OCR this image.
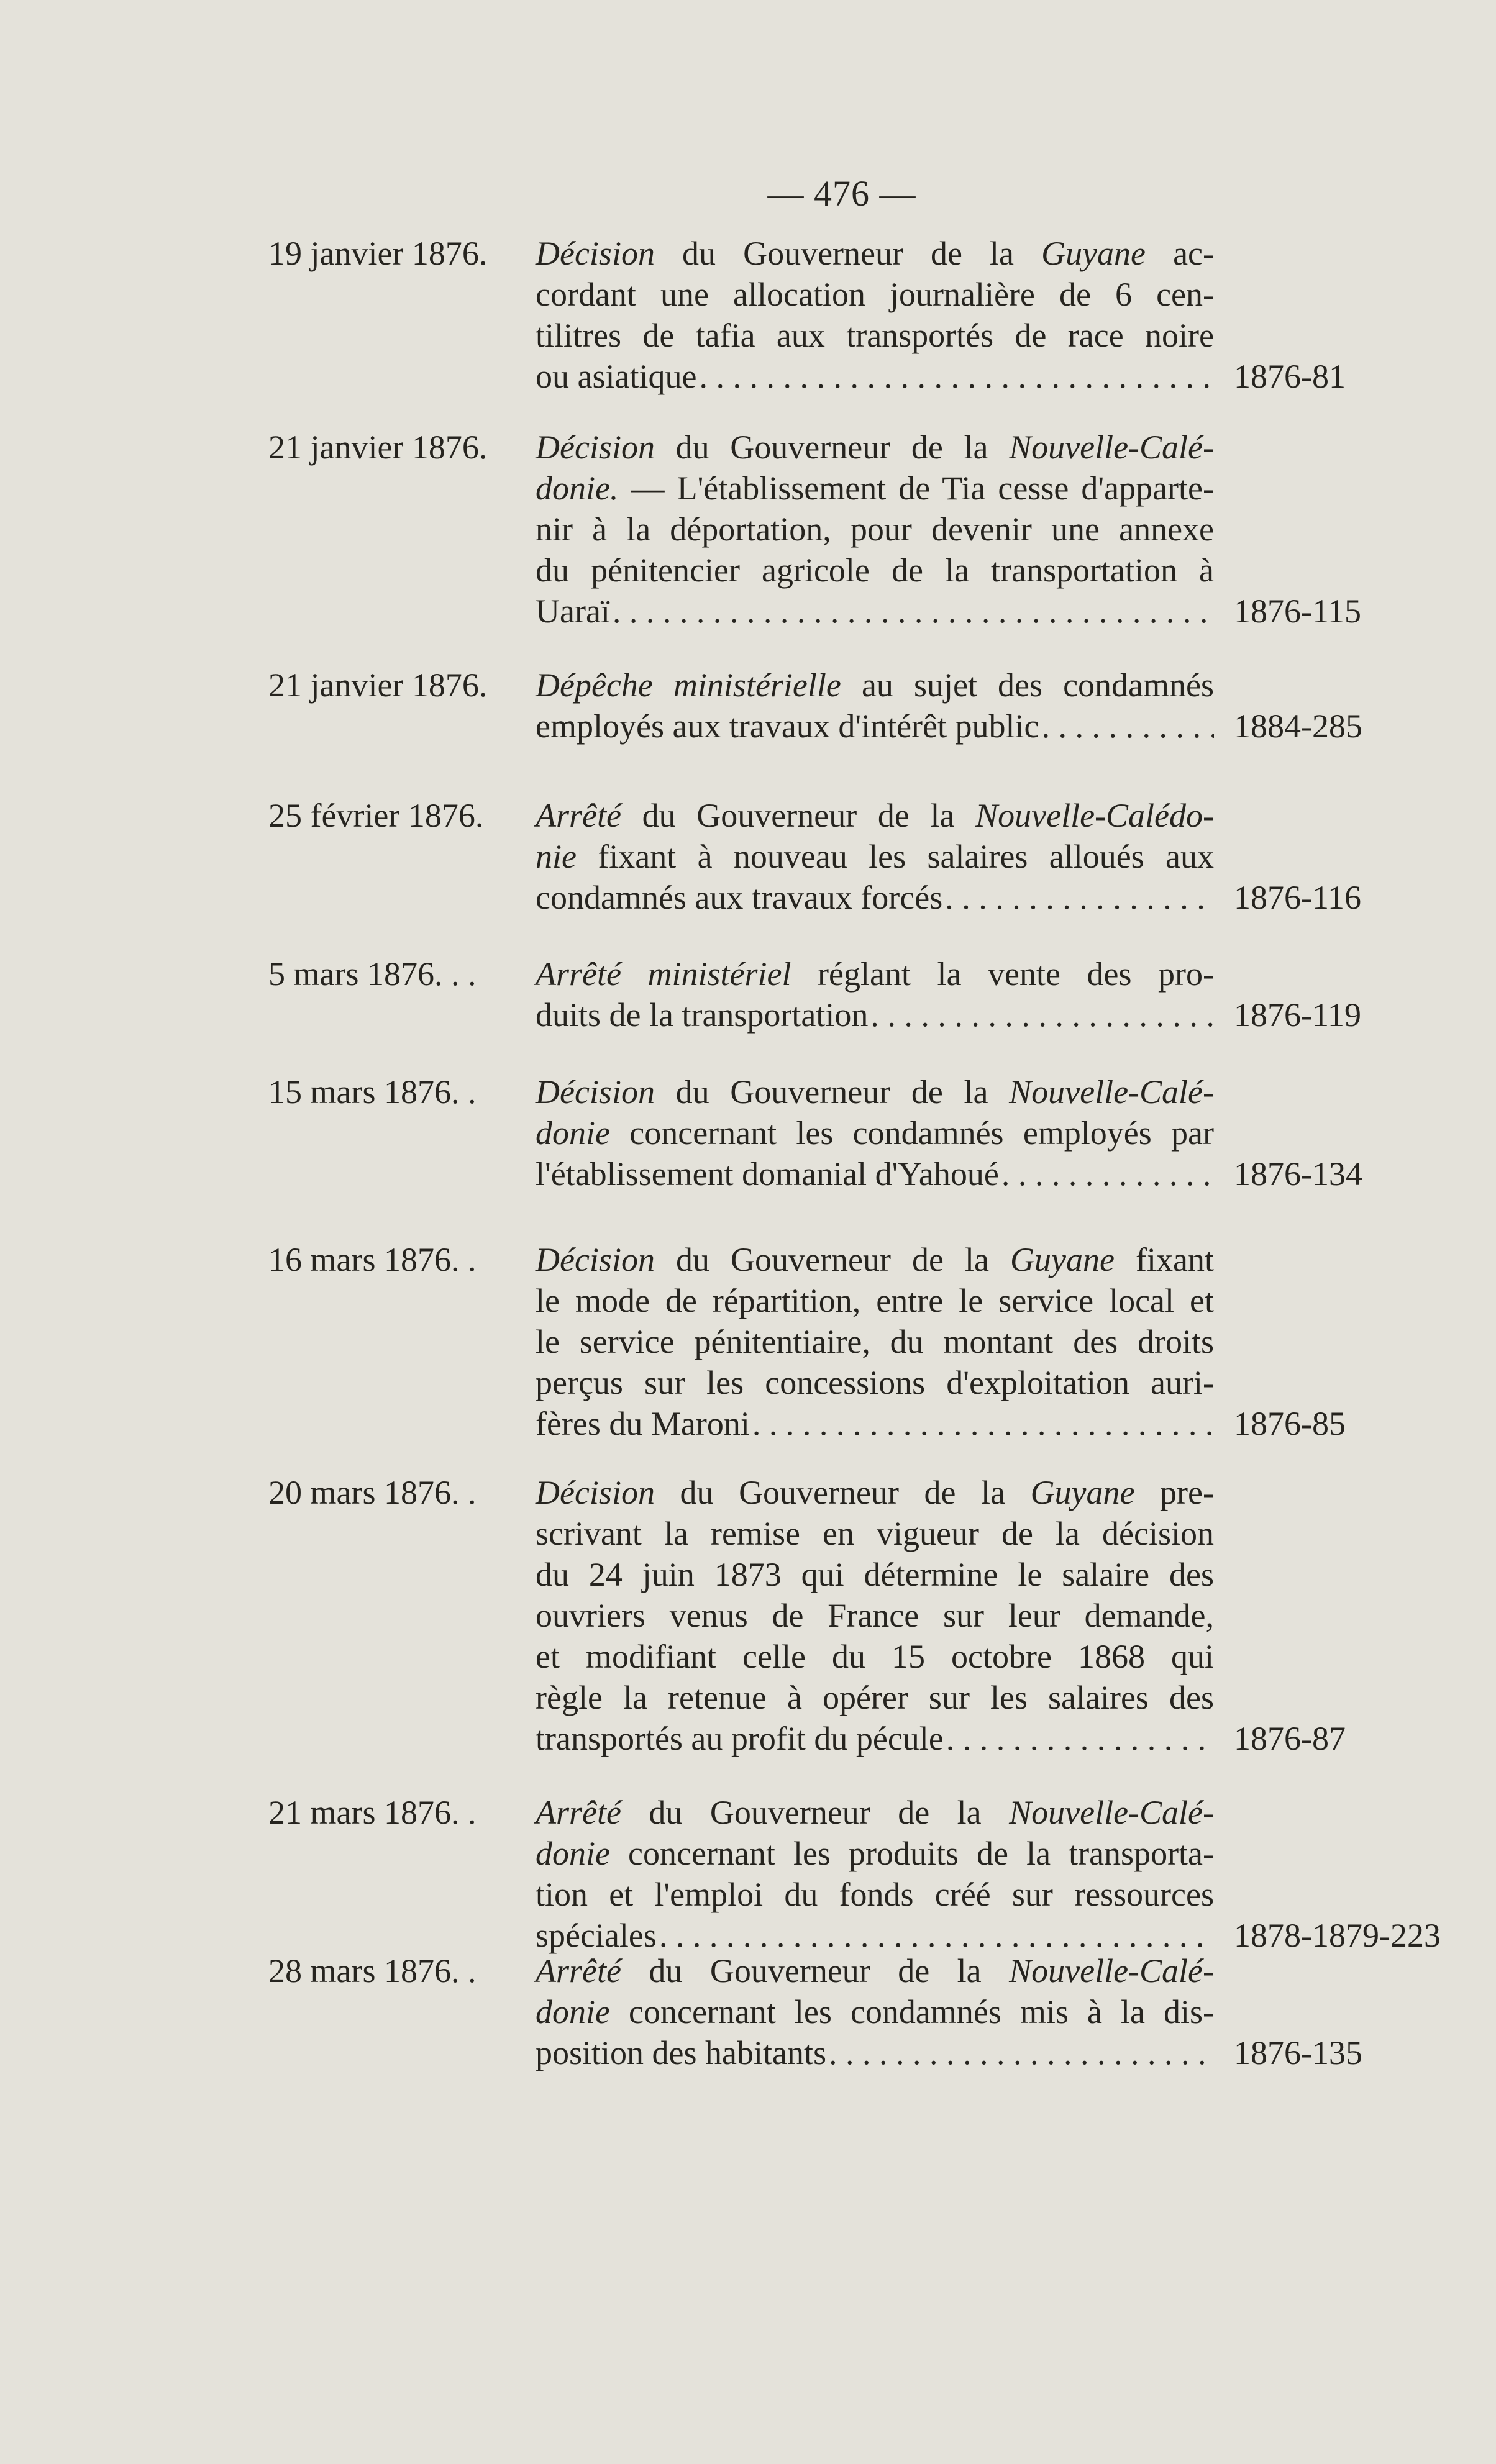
— 476 —
19 janvier 1876.	Décision du Gouverneur de la Guyane ac-
cordant une allocation journalière de 6 cen-
tilitres de tafia aux transportés de race noire
ou asiatique . . .	1876-81
21 janvier 1876.	Décision du Gouverneur de la Nouvelle-Calé-
donie. — L'établissement de Tia cesse d'apparte-
nir à la déportation, pour devenir une annexe
du pénitencier agricole de la transportation à
Uaraï . . .	1876-115
21 janvier 1876.	Dépêche ministérielle au sujet des condamnés
employés aux travaux d'intérêt public . . .	1884-285
25 février 1876.	Arrêté du Gouverneur de la Nouvelle-Calédo-
nie fixant à nouveau les salaires alloués aux
condamnés aux travaux forcés . . .	1876-116
5 mars 1876. . .	Arrêté ministériel réglant la vente des pro-
duits de la transportation . . .	1876-119
15 mars 1876. .	Décision du Gouverneur de la Nouvelle-Calé-
donie concernant les condamnés employés par
l'établissement domanial d'Yahoué . . .	1876-134
16 mars 1876. .	Décision du Gouverneur de la Guyane fixant
le mode de répartition, entre le service local et
le service pénitentiaire, du montant des droits
perçus sur les concessions d'exploitation auri-
fères du Maroni . . .	1876-85
20 mars 1876. .	Décision du Gouverneur de la Guyane pre-
scrivant la remise en vigueur de la décision
du 24 juin 1873 qui détermine le salaire des
ouvriers venus de France sur leur demande,
et modifiant celle du 15 octobre 1868 qui
règle la retenue à opérer sur les salaires des
transportés au profit du pécule . . .	1876-87
21 mars 1876. .	Arrêté du Gouverneur de la Nouvelle-Calé-
donie concernant les produits de la transporta-
tion et l'emploi du fonds créé sur ressources
spéciales . . .	1878-1879-223
28 mars 1876. .	Arrêté du Gouverneur de la Nouvelle-Calé-
donie concernant les condamnés mis à la dis-
position des habitants . . .	1876-135
